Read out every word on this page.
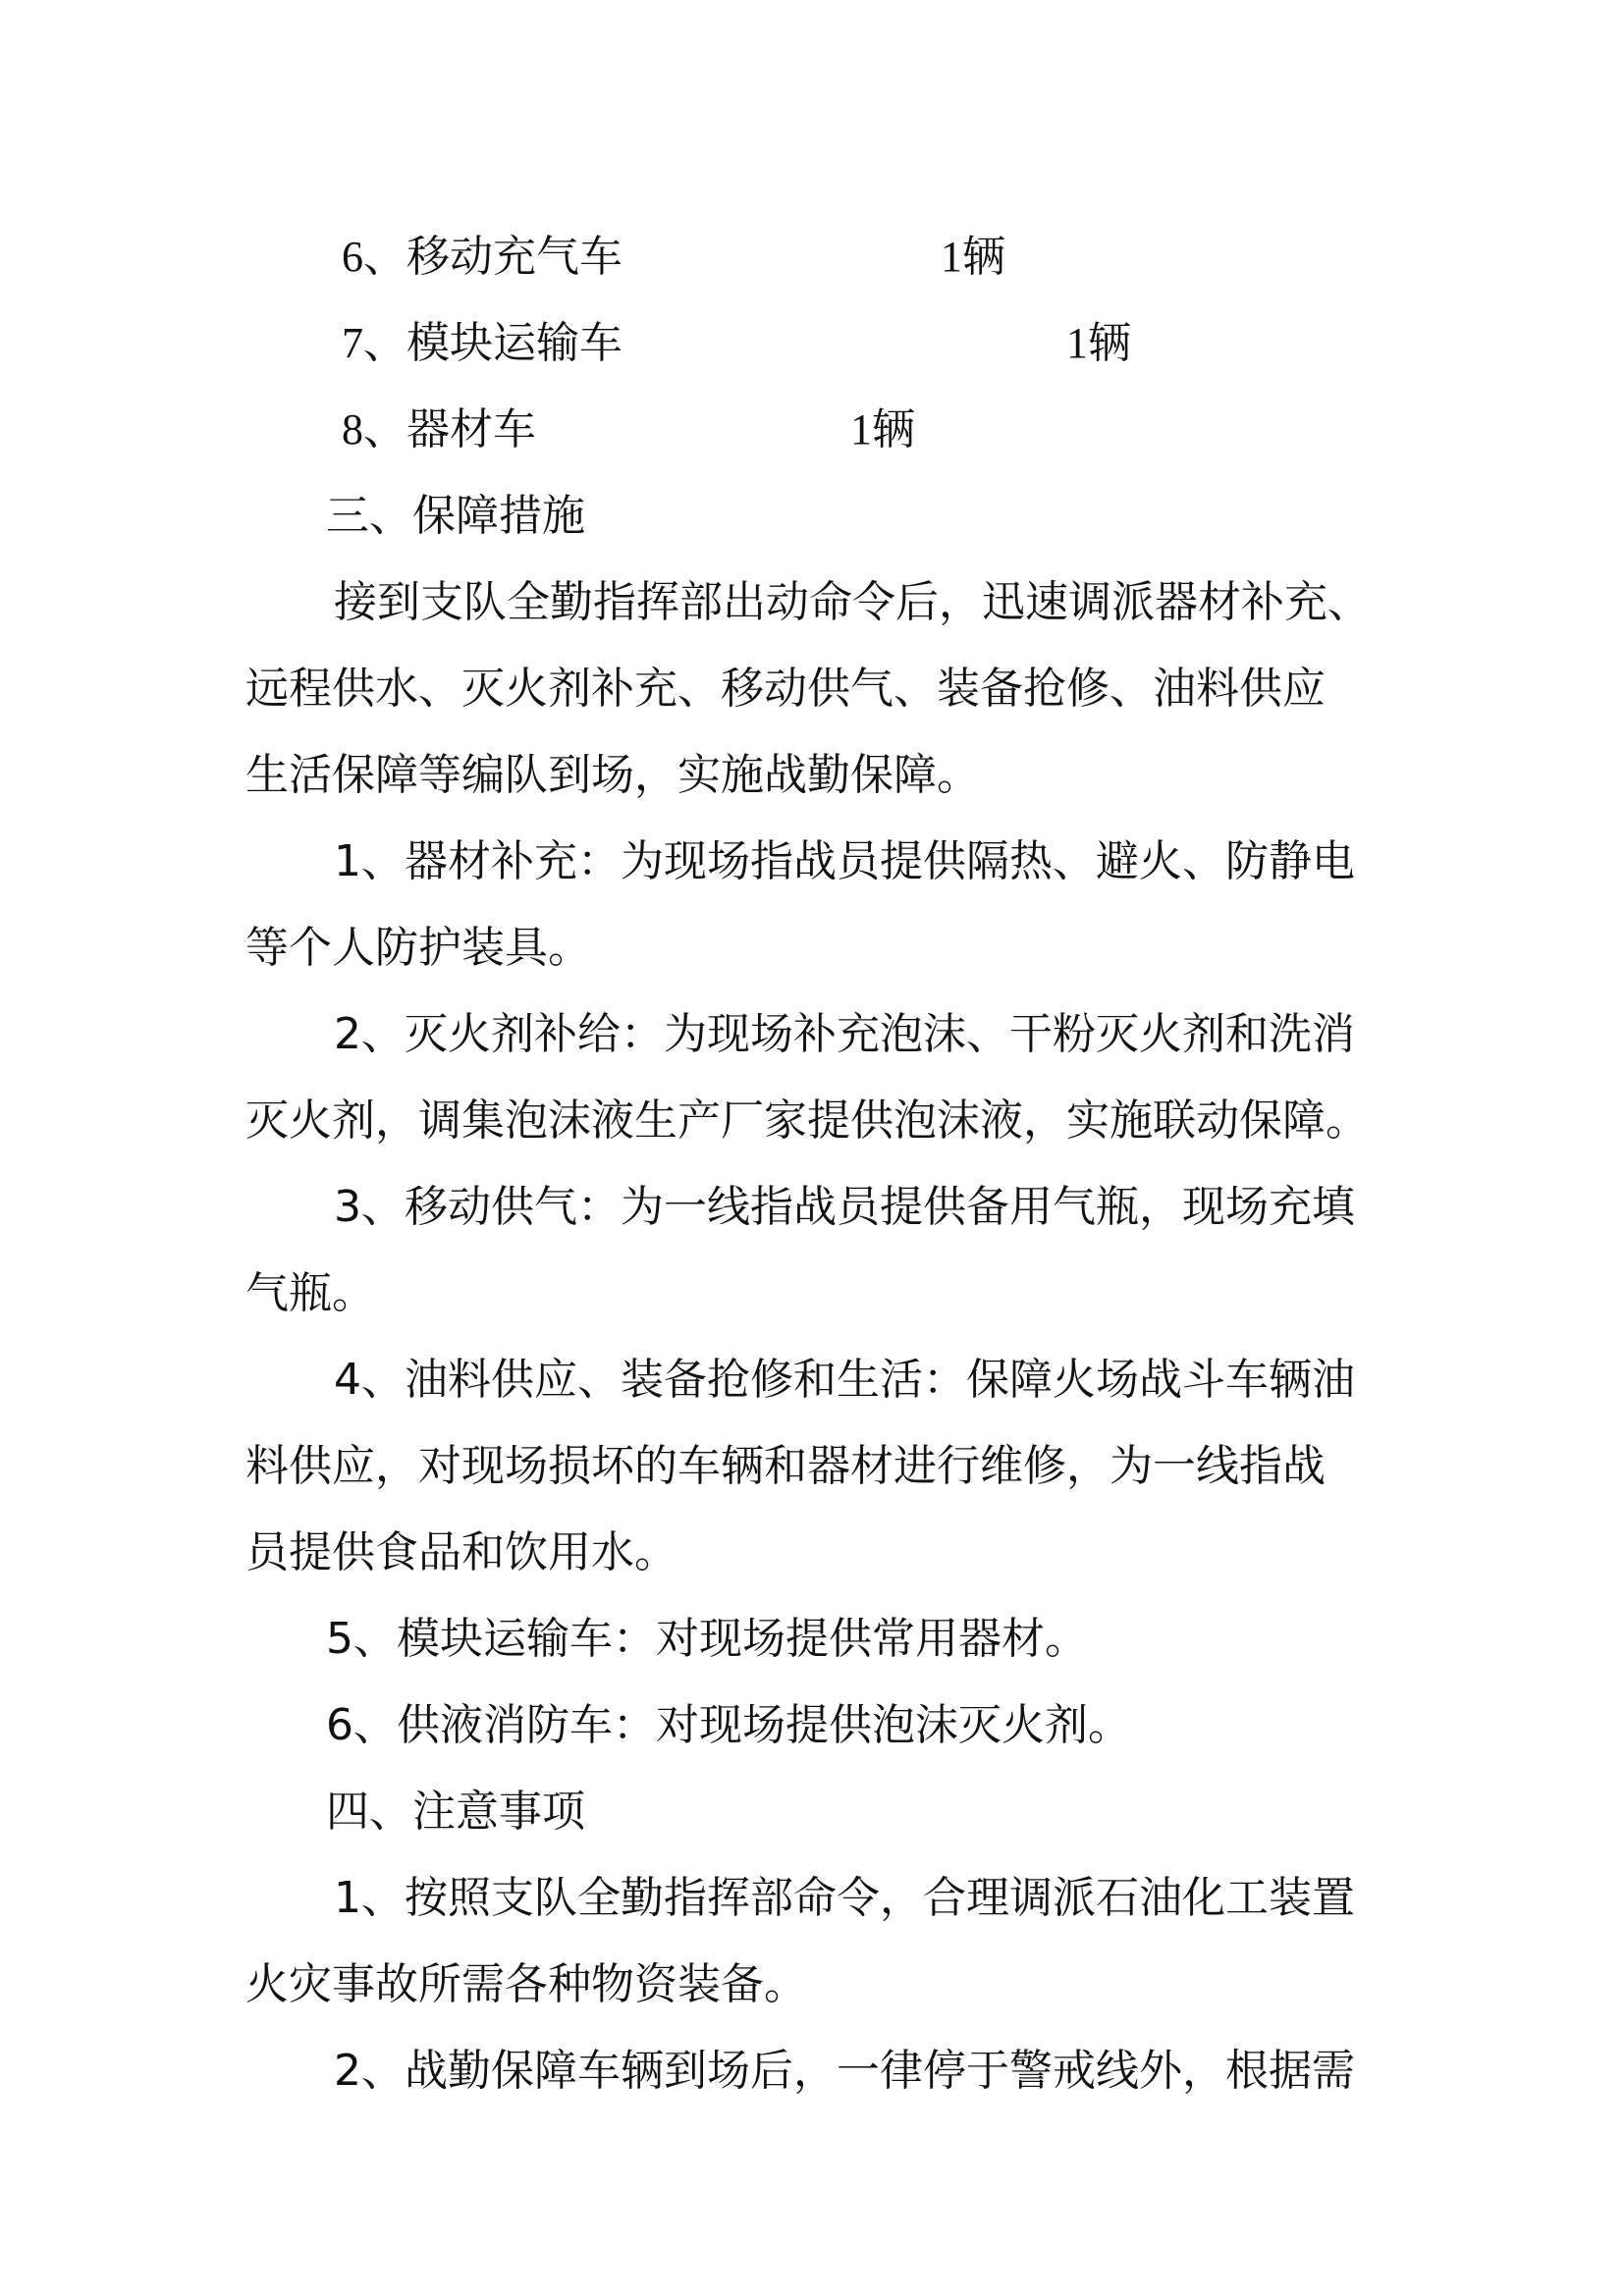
6、移动充气车	1辆
7、模块运输车	1辆
8、器材车	1辆
三、保障措施
接到支队全勤指挥部出动命令后，迅速调派器材补充、
远程供水、灭火剂补充、移动供气、装备抢修、油料供应
生活保障等编队到场，实施战勤保障。
1、器材补充：为现场指战员提供隔热、避火、防静电
等个人防护装具。
2、灭火剂补给：为现场补充泡沫、干粉灭火剂和洗消
灭火剂，调集泡沫液生产厂家提供泡沫液，实施联动保障。
3、移动供气：为一线指战员提供备用气瓶，现场充填
气瓶。
4、油料供应、装备抢修和生活：保障火场战斗车辆油
料供应，对现场损坏的车辆和器材进行维修，为一线指战
员提供食品和饮用水。
5、模块运输车：对现场提供常用器材。
6、供液消防车：对现场提供泡沫灭火剂。
四、注意事项
1、按照支队全勤指挥部命令，合理调派石油化工装置
火灾事故所需各种物资装备。
2、战勤保障车辆到场后，一律停于警戒线外，根据需
